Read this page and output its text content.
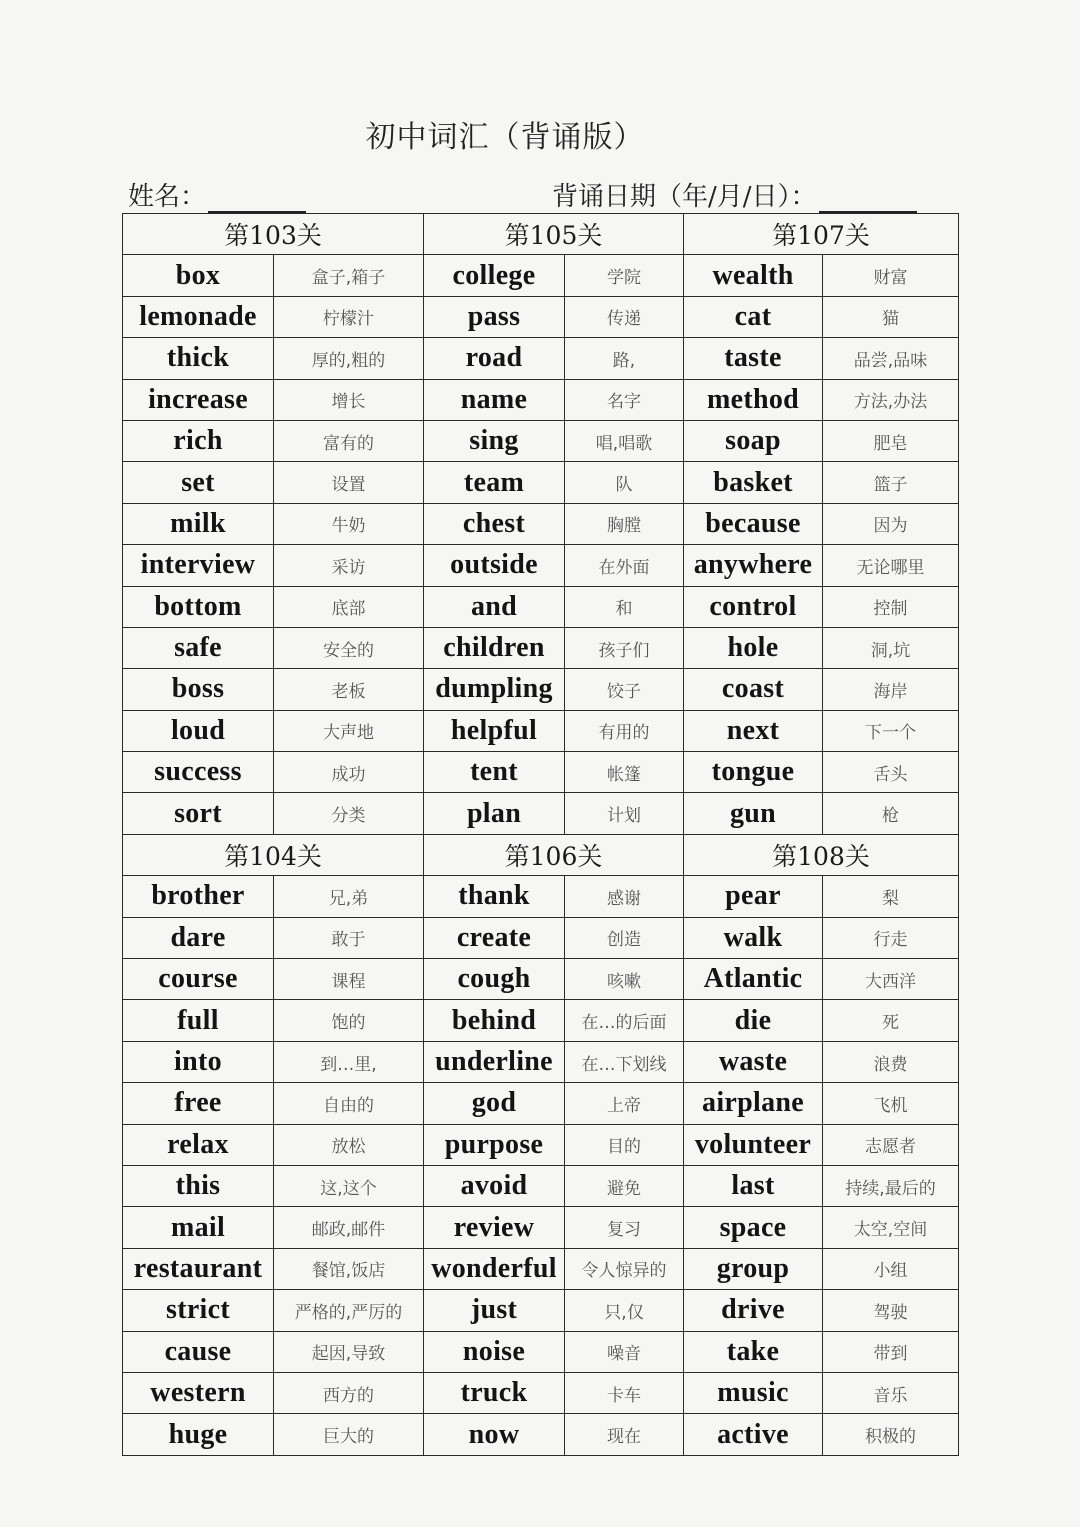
初中词汇（背诵版）
姓名：	背诵日期（年/月/日）：
第103关		第105关		第107关	
box	盒子,箱子	college	学院	wealth	财富
lemonade	柠檬汁	pass	传递	cat	猫
thick	厚的,粗的	road	路,	taste	品尝,品味
increase	增长	name	名字	method	方法,办法
rich	富有的	sing	唱,唱歌	soap	肥皂
set	设置	team	队	basket	篮子
milk	牛奶	chest	胸膛	because	因为
interview	采访	outside	在外面	anywhere	无论哪里
bottom	底部	and	和	control	控制
safe	安全的	children	孩子们	hole	洞,坑
boss	老板	dumpling	饺子	coast	海岸
loud	大声地	helpful	有用的	next	下一个
success	成功	tent	帐篷	tongue	舌头
sort	分类	plan	计划	gun	枪
第104关		第106关		第108关	
brother	兄,弟	thank	感谢	pear	梨
dare	敢于	create	创造	walk	行走
course	课程	cough	咳嗽	Atlantic	大西洋
full	饱的	behind	在…的后面	die	死
into	到…里,	underline	在…下划线	waste	浪费
free	自由的	god	上帝	airplane	飞机
relax	放松	purpose	目的	volunteer	志愿者
this	这,这个	avoid	避免	last	持续,最后的
mail	邮政,邮件	review	复习	space	太空,空间
restaurant	餐馆,饭店	wonderful	令人惊异的	group	小组
strict	严格的,严厉的	just	只,仅	drive	驾驶
cause	起因,导致	noise	噪音	take	带到
western	西方的	truck	卡车	music	音乐
huge	巨大的	now	现在	active	积极的
